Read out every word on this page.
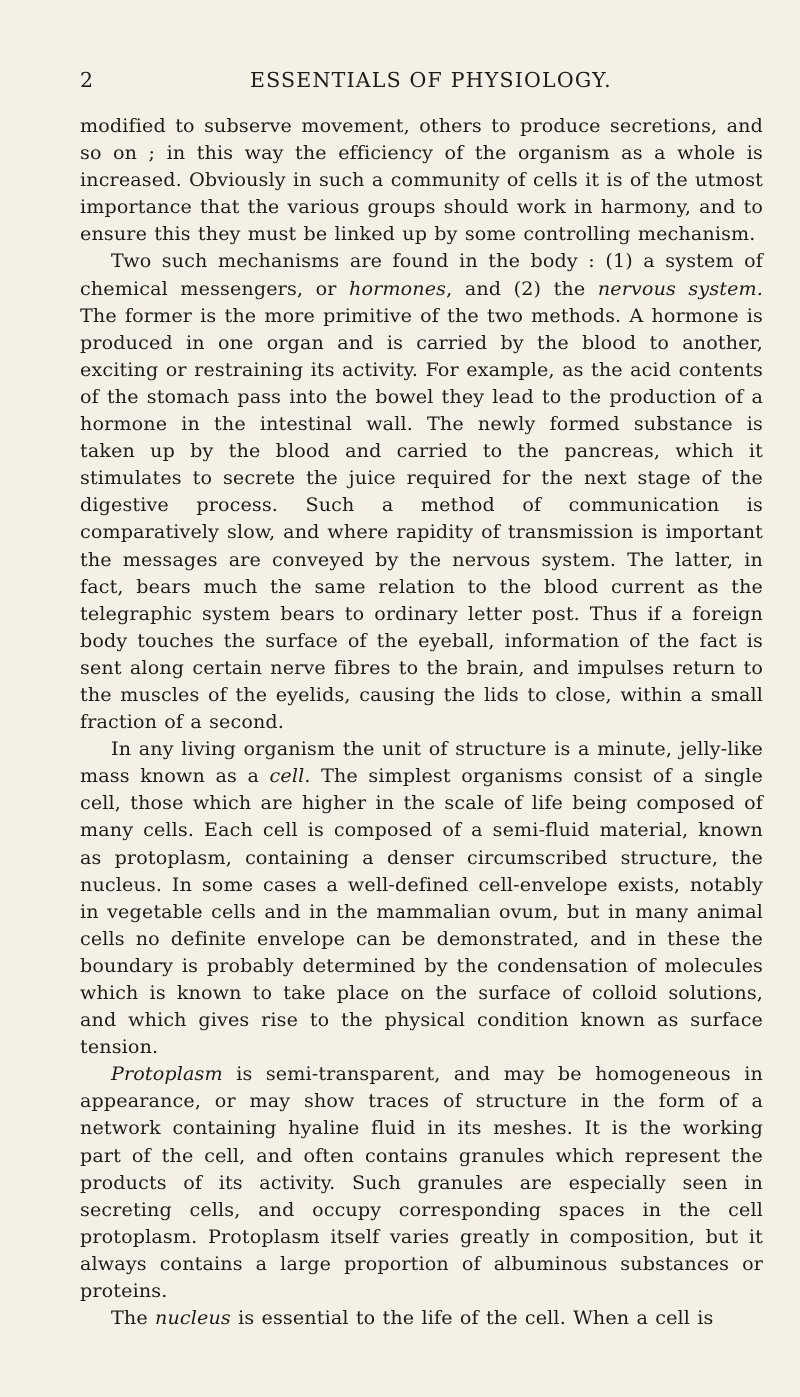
2	ESSENTIALS OF PHYSIOLOGY.

modified to subserve movement, others to produce secretions, and so on ; in this way the efficiency of the organism as a whole is increased. Obviously in such a community of cells it is of the utmost importance that the various groups should work in harmony, and to ensure this they must be linked up by some controlling mechanism.

Two such mechanisms are found in the body : (1) a system of chemical messengers, or hormones, and (2) the nervous system. The former is the more primitive of the two methods. A hormone is produced in one organ and is carried by the blood to another, exciting or restraining its activity. For example, as the acid contents of the stomach pass into the bowel they lead to the production of a hormone in the intestinal wall. The newly formed substance is taken up by the blood and carried to the pancreas, which it stimulates to secrete the juice required for the next stage of the digestive process. Such a method of communication is comparatively slow, and where rapidity of transmission is important the messages are conveyed by the nervous system. The latter, in fact, bears much the same relation to the blood current as the telegraphic system bears to ordinary letter post. Thus if a foreign body touches the surface of the eyeball, information of the fact is sent along certain nerve fibres to the brain, and impulses return to the muscles of the eyelids, causing the lids to close, within a small fraction of a second.

In any living organism the unit of structure is a minute, jelly-like mass known as a cell. The simplest organisms consist of a single cell, those which are higher in the scale of life being composed of many cells. Each cell is composed of a semi-fluid material, known as protoplasm, containing a denser circumscribed structure, the nucleus. In some cases a well-defined cell-envelope exists, notably in vegetable cells and in the mammalian ovum, but in many animal cells no definite envelope can be demonstrated, and in these the boundary is probably determined by the condensation of molecules which is known to take place on the surface of colloid solutions, and which gives rise to the physical condition known as surface tension.

Protoplasm is semi-transparent, and may be homogeneous in appearance, or may show traces of structure in the form of a network containing hyaline fluid in its meshes. It is the working part of the cell, and often contains granules which represent the products of its activity. Such granules are especially seen in secreting cells, and occupy corresponding spaces in the cell protoplasm. Protoplasm itself varies greatly in composition, but it always contains a large proportion of albuminous substances or proteins.

The nucleus is essential to the life of the cell. When a cell is
